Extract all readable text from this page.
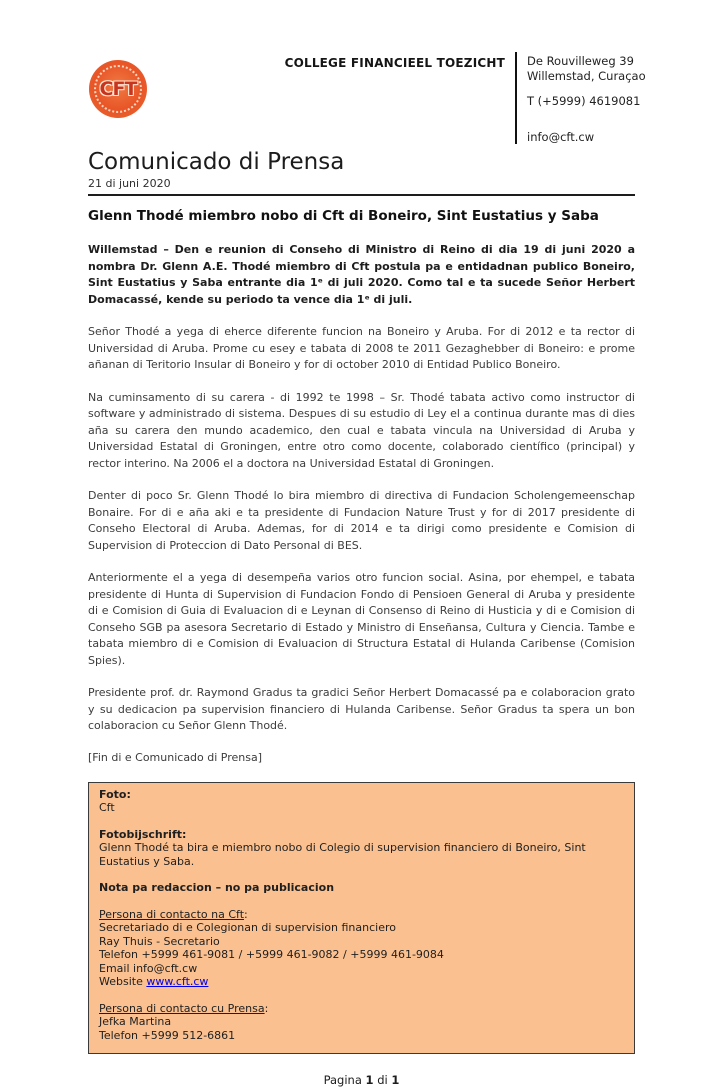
CFT
COLLEGE FINANCIEEL TOEZICHT De Rouvilleweg 39
Willemstad, Curaçao
T (+5999) 4619081
info@cft.cw
Comunicado di Prensa
21 di juni 2020
Glenn Thodé miembro nobo di Cft di Boneiro, Sint Eustatius y Saba

Willemstad – Den e reunion di Conseho di Ministro di Reino di dia 19 di juni 2020 a nombra Dr. Glenn A.E. Thodé miembro di Cft postula pa e entidadnan publico Boneiro, Sint Eustatius y Saba entrante dia 1ᵉ di juli 2020. Como tal e ta sucede Señor Herbert Domacassé, kende su periodo ta vence dia 1ᵉ di juli.

Señor Thodé a yega di eherce diferente funcion na Boneiro y Aruba. For di 2012 e ta rector di Universidad di Aruba. Prome cu esey e tabata di 2008 te 2011 Gezaghebber di Boneiro: e prome añanan di Teritorio Insular di Boneiro y for di october 2010 di Entidad Publico Boneiro.

Na cuminsamento di su carera - di 1992 te 1998 – Sr. Thodé tabata activo como instructor di software y administrado di sistema. Despues di su estudio di Ley el a continua durante mas di dies aña su carera den mundo academico, den cual e tabata vincula na Universidad di Aruba y Universidad Estatal di Groningen, entre otro como docente, colaborado científico (principal) y rector interino. Na 2006 el a doctora na Universidad Estatal di Groningen.

Denter di poco Sr. Glenn Thodé lo bira miembro di directiva di Fundacion Scholengemeenschap Bonaire. For di e aña aki e ta presidente di Fundacion Nature Trust y for di 2017 presidente di Conseho Electoral di Aruba. Ademas, for di 2014 e ta dirigi como presidente e Comision di Supervision di Proteccion di Dato Personal di BES.

Anteriormente el a yega di desempeña varios otro funcion social. Asina, por ehempel, e tabata presidente di Hunta di Supervision di Fundacion Fondo di Pensioen General di Aruba y presidente di e Comision di Guia di Evaluacion di e Leynan di Consenso di Reino di Husticia y di e Comision di Conseho SGB pa asesora Secretario di Estado y Ministro di Enseñansa, Cultura y Ciencia. Tambe e tabata miembro di e Comision di Evaluacion di Structura Estatal di Hulanda Caribense (Comision Spies).

Presidente prof. dr. Raymond Gradus ta gradici Señor Herbert Domacassé pa e colaboracion grato y su dedicacion pa supervision financiero di Hulanda Caribense. Señor Gradus ta spera un bon colaboracion cu Señor Glenn Thodé.

[Fin di e Comunicado di Prensa]
Foto:
Cft
Fotobijschrift:
Glenn Thodé ta bira e miembro nobo di Colegio di supervision financiero di Boneiro, Sint Eustatius y Saba.
Nota pa redaccion – no pa publicacion
Persona di contacto na Cft:
Secretariado di e Colegionan di supervision financiero
Ray Thuis - Secretario
Telefon +5999 461-9081 / +5999 461-9082 / +5999 461-9084
Email info@cft.cw
Website www.cft.cw
Persona di contacto cu Prensa:
Jefka Martina
Telefon +5999 512-6861
Pagina 1 di 1
